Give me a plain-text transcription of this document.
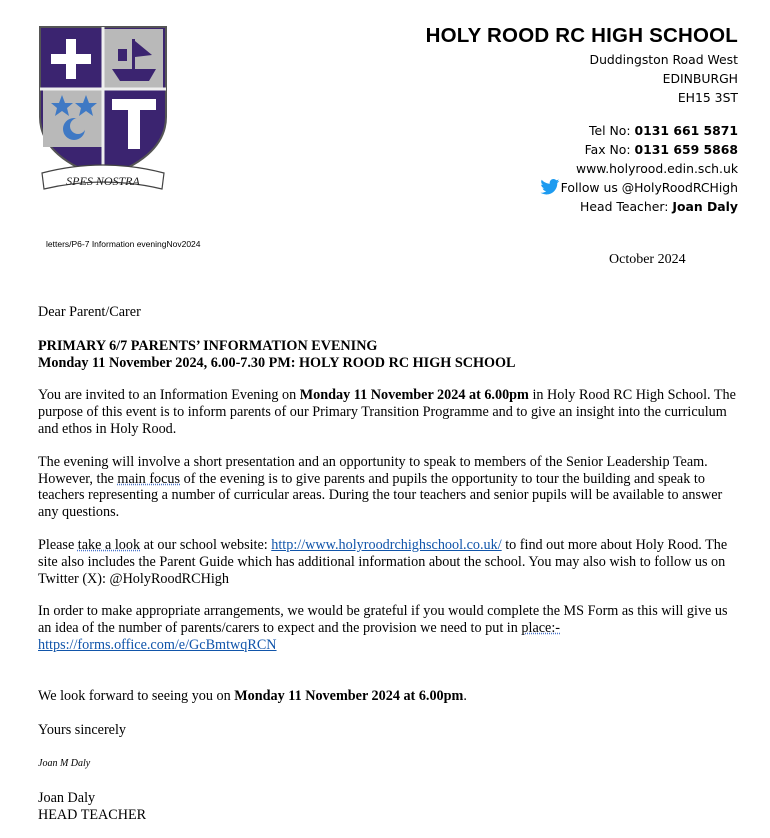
SPES NOSTRA
HOLY ROOD RC HIGH SCHOOL
Duddingston Road West
EDINBURGH
EH15 3ST
Tel No: 0131 661 5871
Fax No: 0131 659 5868
www.holyrood.edin.sch.uk
Follow us @HolyRoodRCHigh
Head Teacher: Joan Daly
letters/P6-7 Information eveningNov2024
October 2024

Dear Parent/Carer

PRIMARY 6/7 PARENTS’ INFORMATION EVENING

Monday 11 November 2024, 6.00-7.30 PM: HOLY ROOD RC HIGH SCHOOL

You are invited to an Information Evening on Monday 11 November 2024 at 6.00pm in Holy Rood RC High School. The purpose of this event is to inform parents of our Primary Transition Programme and to give an insight into the curriculum and ethos in Holy Rood.

The evening will involve a short presentation and an opportunity to speak to members of the Senior Leadership Team. However, the main focus of the evening is to give parents and pupils the opportunity to tour the building and speak to teachers representing a number of curricular areas. During the tour teachers and senior pupils will be available to answer any questions.

Please take a look at our school website: http://www.holyroodrchighschool.co.uk/ to find out more about Holy Rood. The site also includes the Parent Guide which has additional information about the school. You may also wish to follow us on Twitter (X): @HolyRoodRCHigh

In order to make appropriate arrangements, we would be grateful if you would complete the MS Form as this will give us an idea of the number of parents/carers to expect and the provision we need to put in place:-
https://forms.office.com/e/GcBmtwqRCN

We look forward to seeing you on Monday 11 November 2024 at 6.00pm.

Yours sincerely

Joan M Daly

Joan Daly

HEAD TEACHER
